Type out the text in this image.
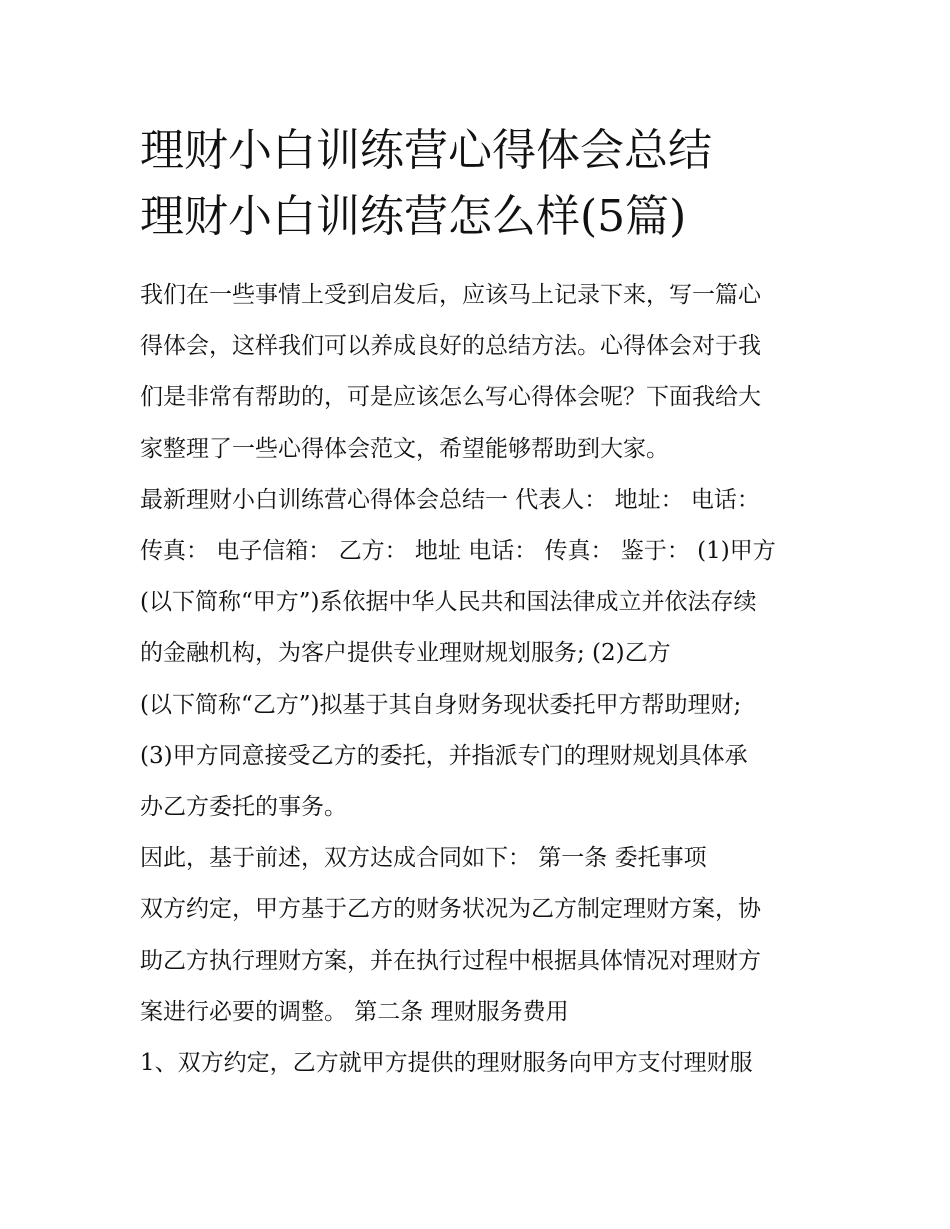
理财小白训练营心得体会总结
理财小白训练营怎么样(5篇)
我们在一些事情上受到启发后，应该马上记录下来，写一篇心
得体会，这样我们可以养成良好的总结方法。心得体会对于我
们是非常有帮助的，可是应该怎么写心得体会呢？下面我给大
家整理了一些心得体会范文，希望能够帮助到大家。
最新理财小白训练营心得体会总结一 代表人： 地址： 电话：
传真： 电子信箱： 乙方： 地址 电话： 传真： 鉴于： (1)甲方
(以下简称“甲方”)系依据中华人民共和国法律成立并依法存续
的金融机构，为客户提供专业理财规划服务; (2)乙方
(以下简称“乙方”)拟基于其自身财务现状委托甲方帮助理财;
(3)甲方同意接受乙方的委托，并指派专门的理财规划具体承
办乙方委托的事务。
因此，基于前述，双方达成合同如下： 第一条 委托事项
双方约定，甲方基于乙方的财务状况为乙方制定理财方案，协
助乙方执行理财方案，并在执行过程中根据具体情况对理财方
案进行必要的调整。 第二条 理财服务费用
1、双方约定，乙方就甲方提供的理财服务向甲方支付理财服
